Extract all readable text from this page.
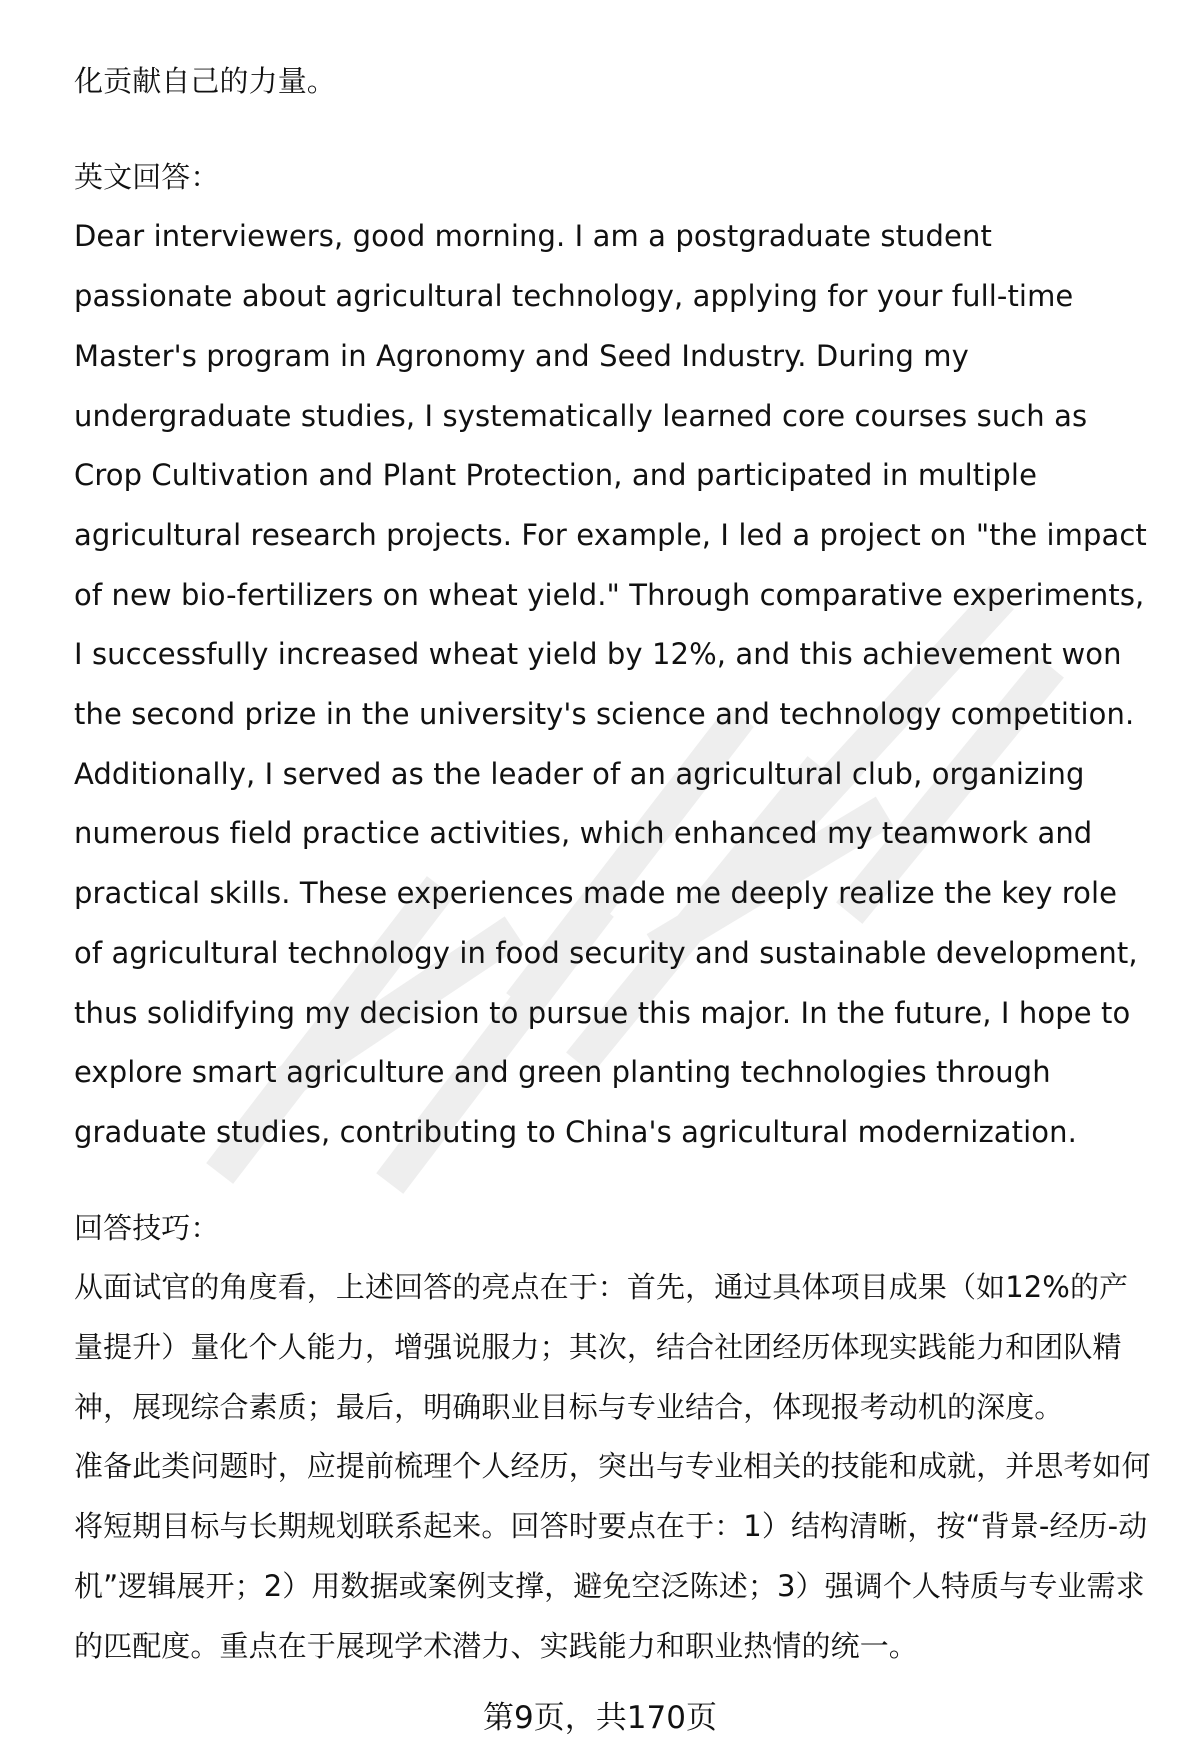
化贡献自己的力量。

英文回答：

Dear interviewers, good morning. I am a postgraduate student passionate about agricultural technology, applying for your full-time Master's program in Agronomy and Seed Industry. During my undergraduate studies, I systematically learned core courses such as Crop Cultivation and Plant Protection, and participated in multiple agricultural research projects. For example, I led a project on "the impact of new bio-fertilizers on wheat yield." Through comparative experiments, I successfully increased wheat yield by 12%, and this achievement won the second prize in the university's science and technology competition. Additionally, I served as the leader of an agricultural club, organizing numerous field practice activities, which enhanced my teamwork and practical skills. These experiences made me deeply realize the key role of agricultural technology in food security and sustainable development, thus solidifying my decision to pursue this major. In the future, I hope to explore smart agriculture and green planting technologies through graduate studies, contributing to China's agricultural modernization.

回答技巧：

从面试官的角度看，上述回答的亮点在于：首先，通过具体项目成果（如12%的产量提升）量化个人能力，增强说服力；其次，结合社团经历体现实践能力和团队精神，展现综合素质；最后，明确职业目标与专业结合，体现报考动机的深度。

准备此类问题时，应提前梳理个人经历，突出与专业相关的技能和成就，并思考如何将短期目标与长期规划联系起来。回答时要点在于：1）结构清晰，按“背景-经历-动机”逻辑展开；2）用数据或案例支撑，避免空泛陈述；3）强调个人特质与专业需求的匹配度。重点在于展现学术潜力、实践能力和职业热情的统一。

第9页，共170页
